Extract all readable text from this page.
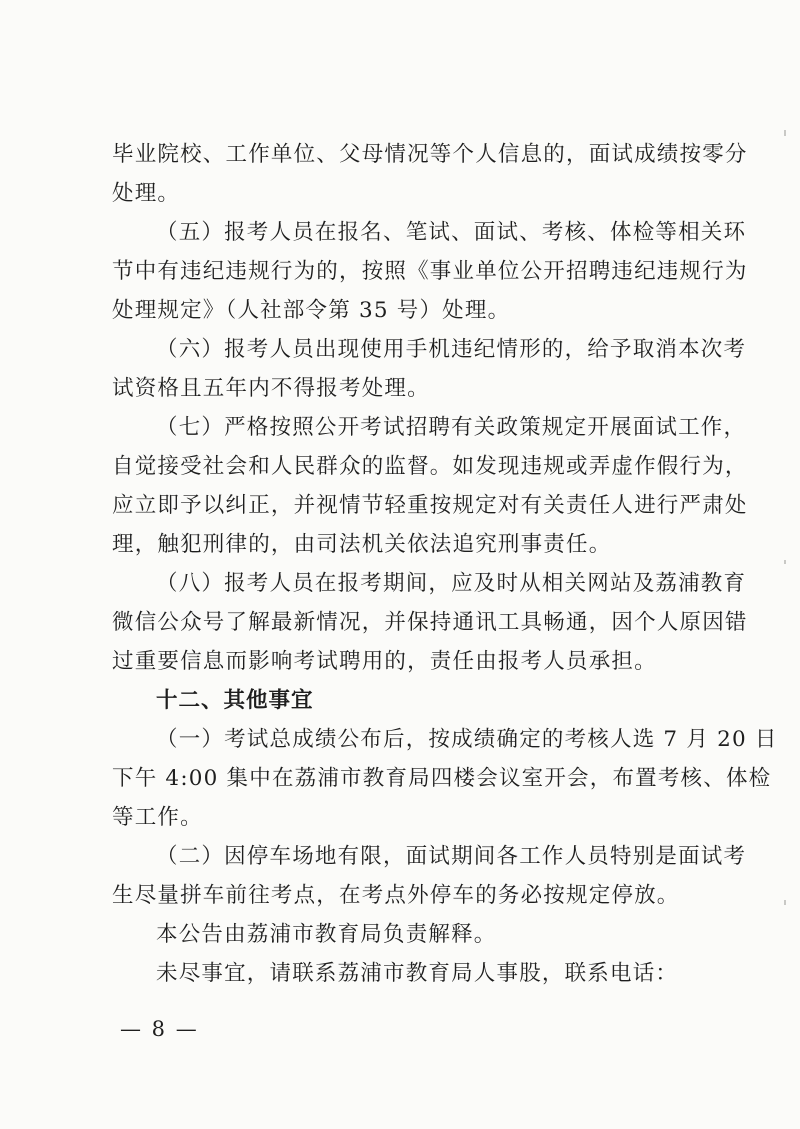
毕业院校、工作单位、父母情况等个人信息的，面试成绩按零分
处理。
（五）报考人员在报名、笔试、面试、考核、体检等相关环
节中有违纪违规行为的，按照《事业单位公开招聘违纪违规行为
处理规定》（人社部令第 35 号）处理。
（六）报考人员出现使用手机违纪情形的，给予取消本次考
试资格且五年内不得报考处理。
（七）严格按照公开考试招聘有关政策规定开展面试工作，
自觉接受社会和人民群众的监督。如发现违规或弄虚作假行为，
应立即予以纠正，并视情节轻重按规定对有关责任人进行严肃处
理，触犯刑律的，由司法机关依法追究刑事责任。
（八）报考人员在报考期间，应及时从相关网站及荔浦教育
微信公众号了解最新情况，并保持通讯工具畅通，因个人原因错
过重要信息而影响考试聘用的，责任由报考人员承担。
十二、其他事宜
（一）考试总成绩公布后，按成绩确定的考核人选 7 月 20 日
下午 4:00 集中在荔浦市教育局四楼会议室开会，布置考核、体检
等工作。
（二）因停车场地有限，面试期间各工作人员特别是面试考
生尽量拼车前往考点，在考点外停车的务必按规定停放。
本公告由荔浦市教育局负责解释。
未尽事宜，请联系荔浦市教育局人事股，联系电话：
— 8 —
